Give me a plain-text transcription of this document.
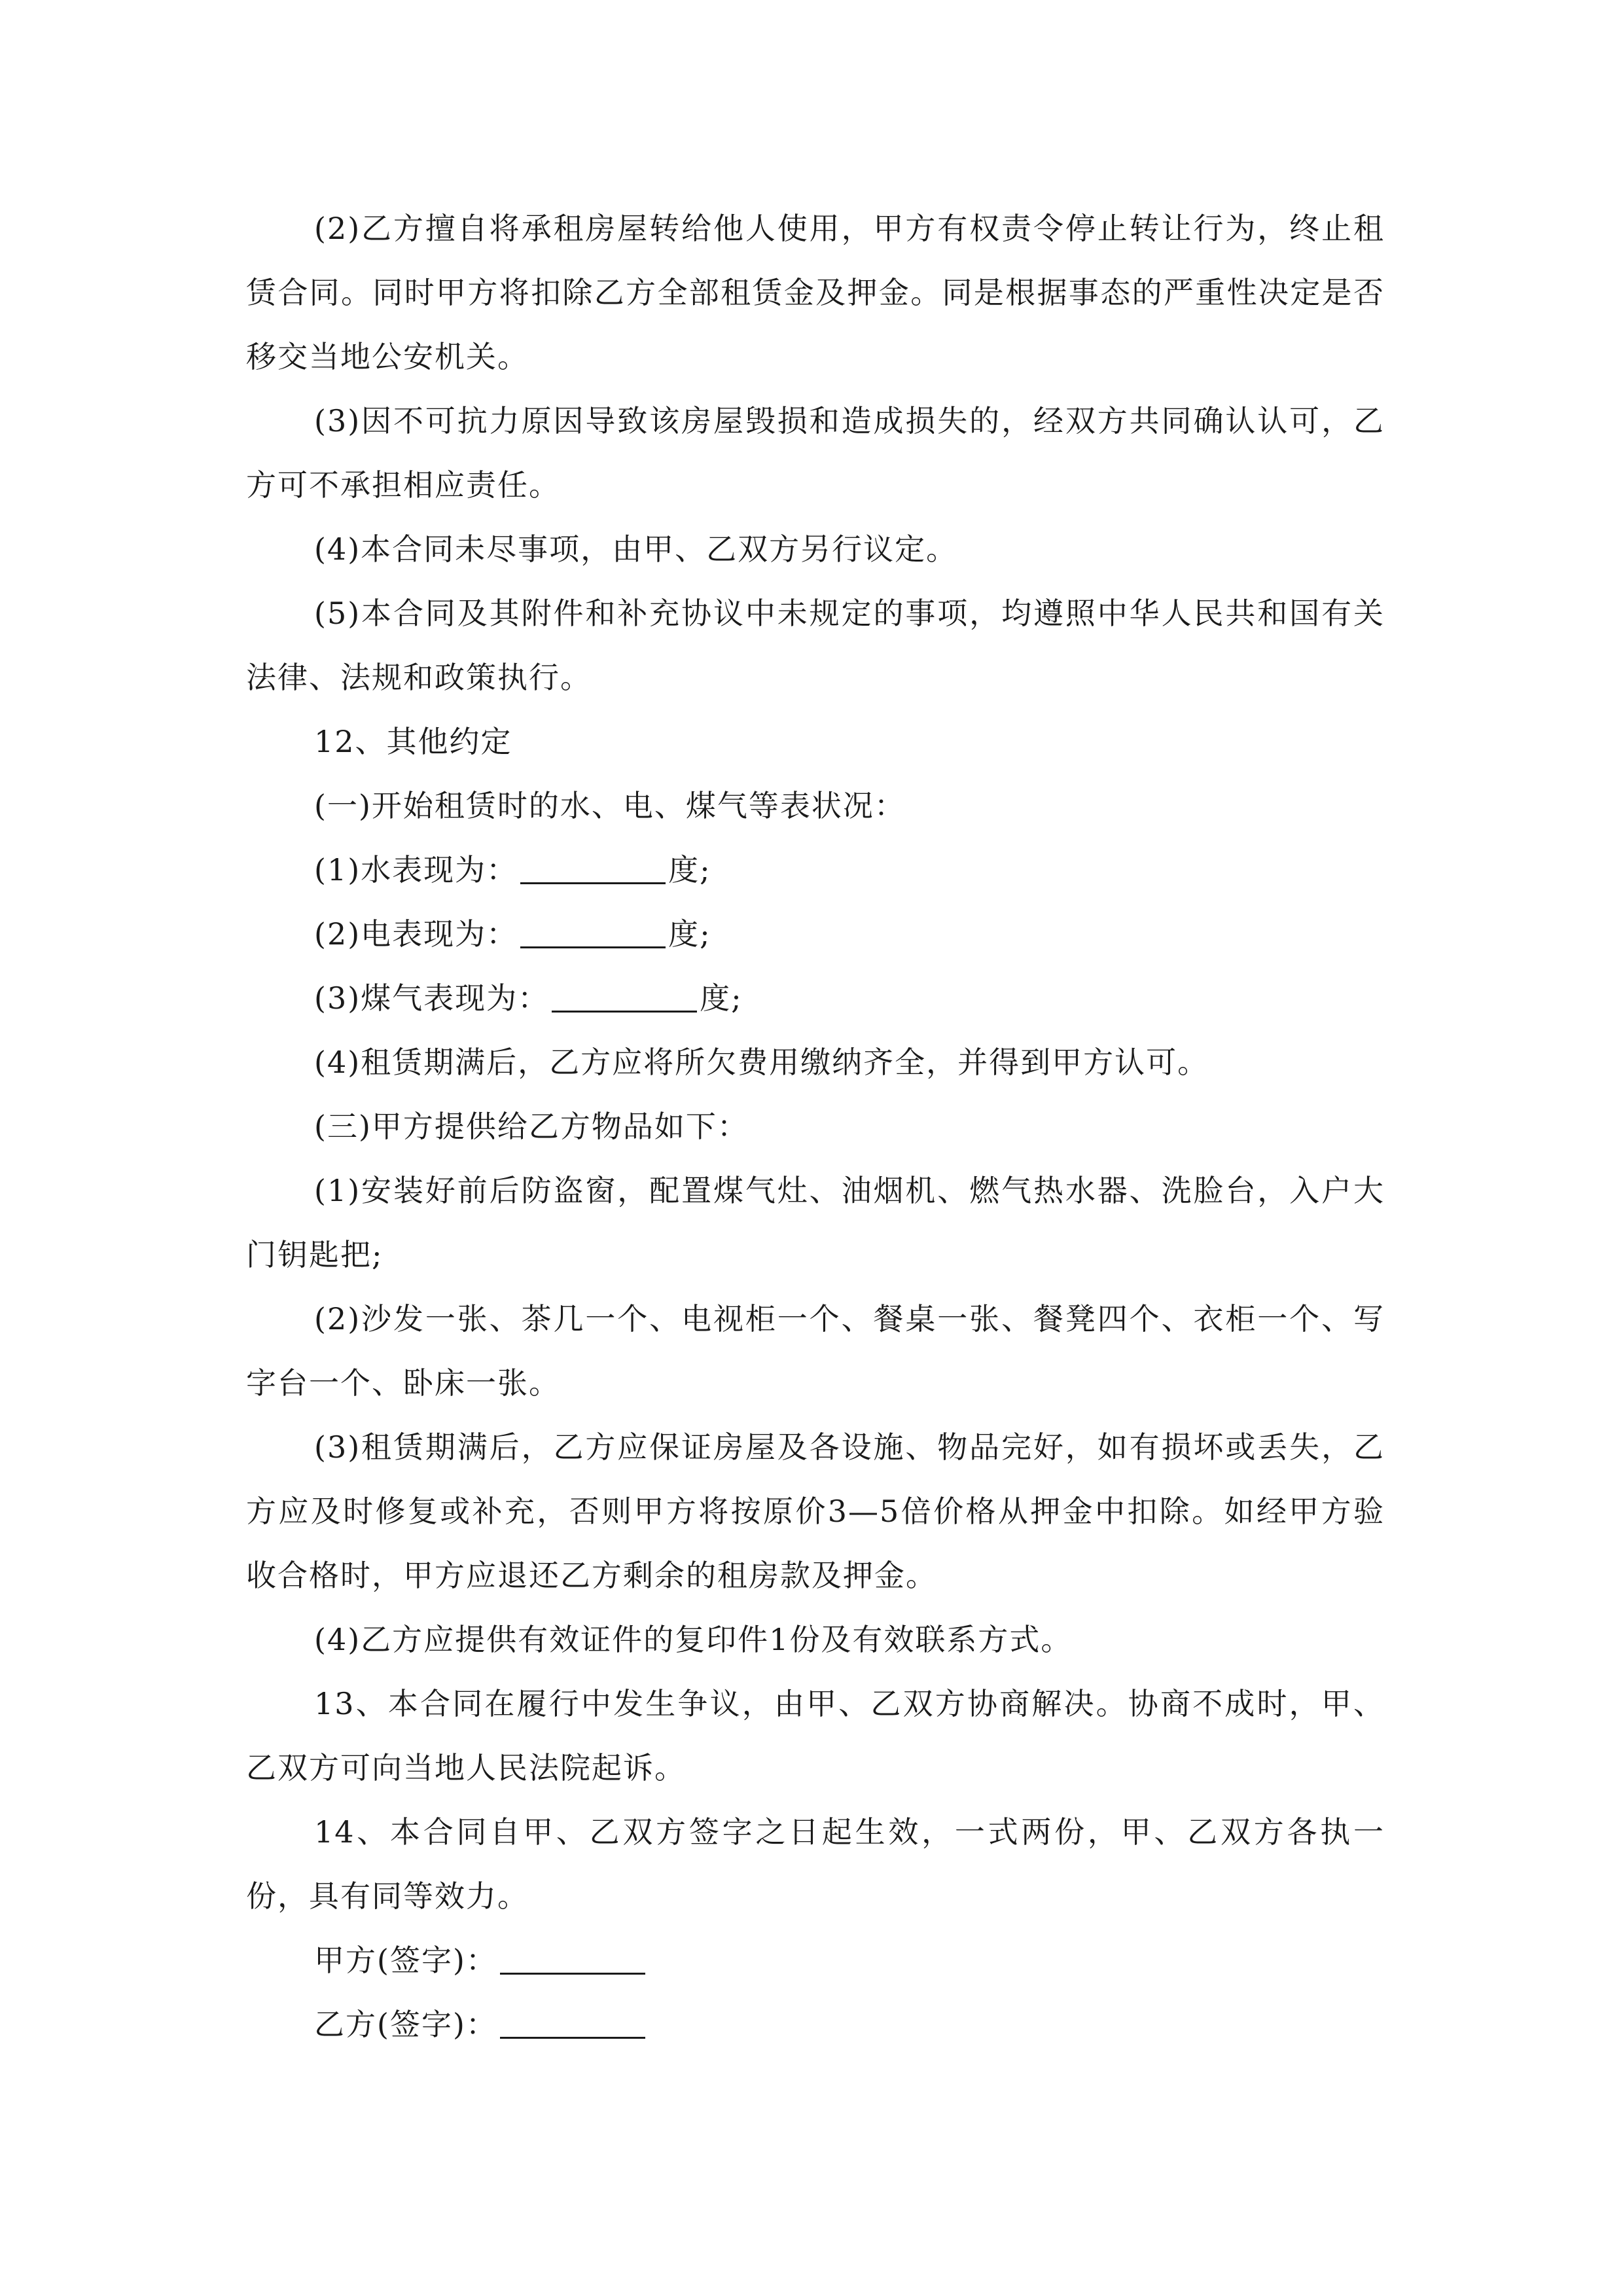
(2)乙方擅自将承租房屋转给他人使用，甲方有权责令停止转让行为，终止租赁合同。同时甲方将扣除乙方全部租赁金及押金。同是根据事态的严重性决定是否移交当地公安机关。

(3)因不可抗力原因导致该房屋毁损和造成损失的，经双方共同确认认可，乙方可不承担相应责任。

(4)本合同未尽事项，由甲、乙双方另行议定。

(5)本合同及其附件和补充协议中未规定的事项，均遵照中华人民共和国有关法律、法规和政策执行。

12、其他约定

(一)开始租赁时的水、电、煤气等表状况：

(1)水表现为：	度;

(2)电表现为：	度;

(3)煤气表现为：	度;

(4)租赁期满后，乙方应将所欠费用缴纳齐全，并得到甲方认可。

(三)甲方提供给乙方物品如下：

(1)安装好前后防盗窗，配置煤气灶、油烟机、燃气热水器、洗脸台，入户大门钥匙把;

(2)沙发一张、茶几一个、电视柜一个、餐桌一张、餐凳四个、衣柜一个、写字台一个、卧床一张。

(3)租赁期满后，乙方应保证房屋及各设施、物品完好，如有损坏或丢失，乙方应及时修复或补充，否则甲方将按原价3—5倍价格从押金中扣除。如经甲方验收合格时，甲方应退还乙方剩余的租房款及押金。

(4)乙方应提供有效证件的复印件1份及有效联系方式。

13、本合同在履行中发生争议，由甲、乙双方协商解决。协商不成时，甲、乙双方可向当地人民法院起诉。

14、本合同自甲、乙双方签字之日起生效，一式两份，甲、乙双方各执一份，具有同等效力。

甲方(签字)：

乙方(签字)：
